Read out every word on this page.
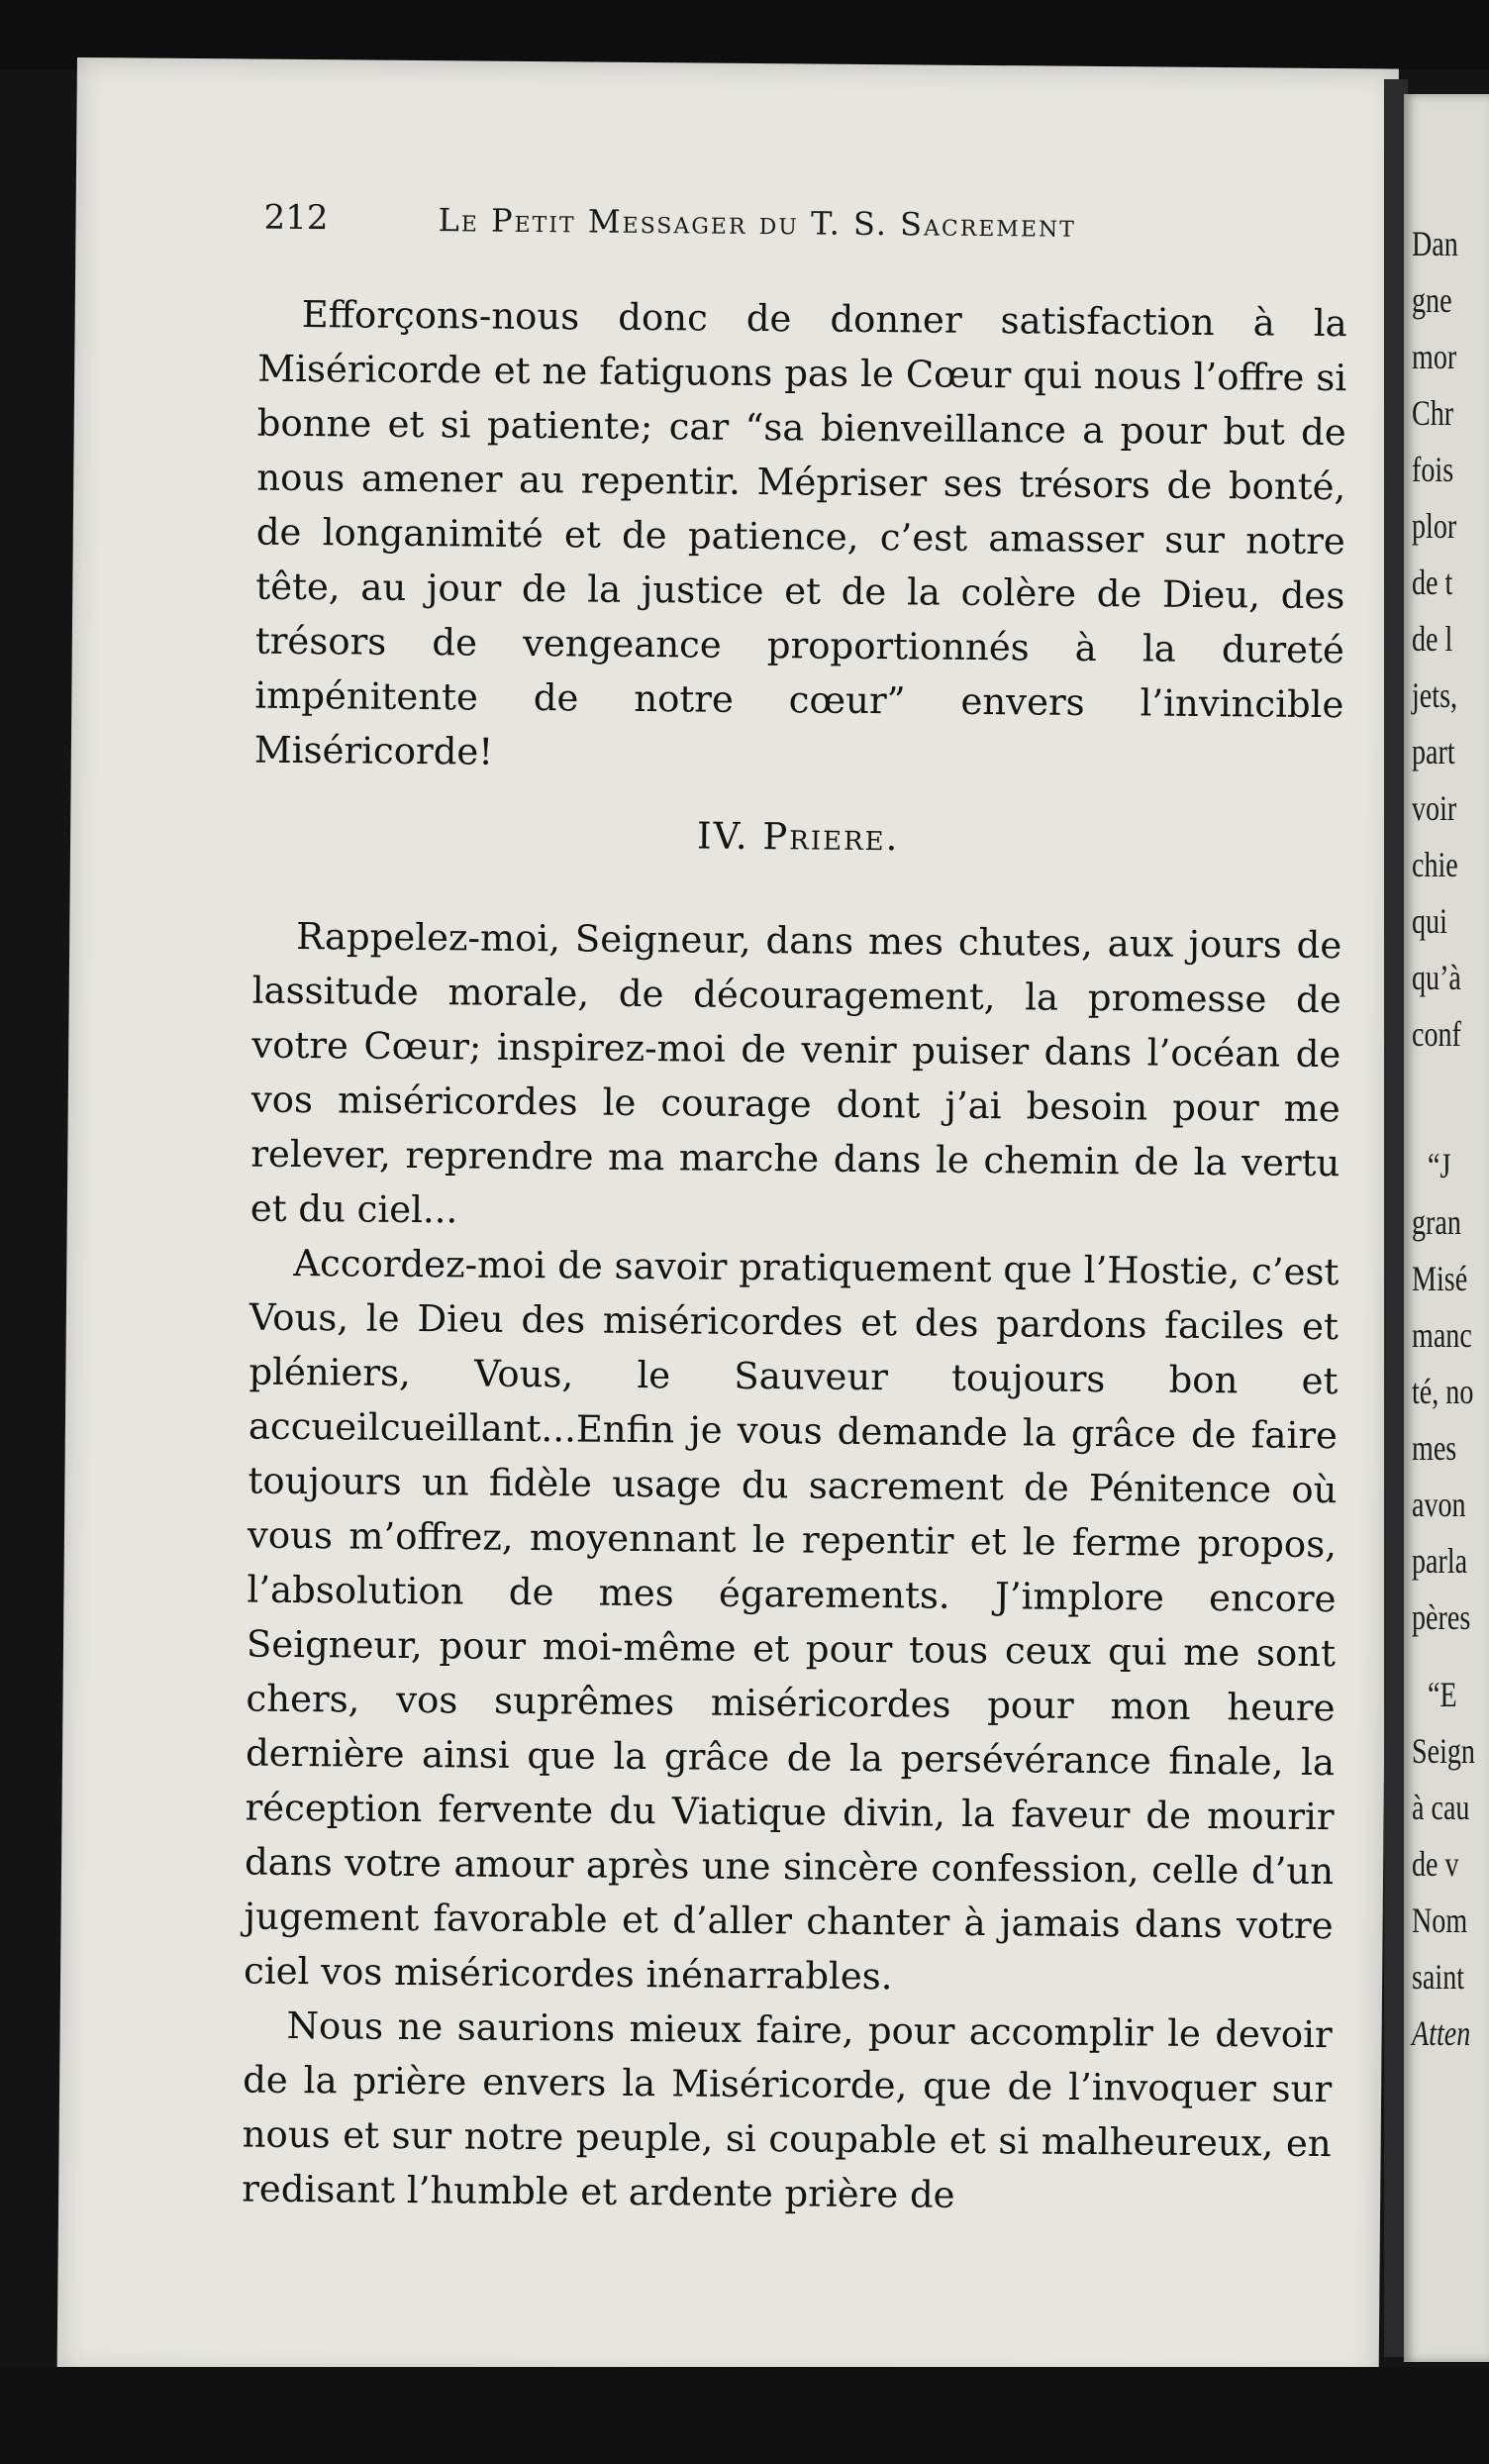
212	Le Petit Messager du T. S. Sacrement

Efforçons-nous donc de donner satisfaction à la Miséricorde et ne fatiguons pas le Cœur qui nous l’offre si bonne et si patiente; car “sa bienveillance a pour but de nous amener au repentir. Mépriser ses trésors de bonté, de longanimité et de patience, c’est amasser sur notre tête, au jour de la justice et de la colère de Dieu, des trésors de vengeance proportionnés à la dureté impénitente de notre cœur” envers l’invincible Miséricorde!

IV. Priere.

Rappelez-moi, Seigneur, dans mes chutes, aux jours de lassitude morale, de découragement, la promesse de votre Cœur; inspirez-moi de venir puiser dans l’océan de vos miséricordes le courage dont j’ai besoin pour me relever, reprendre ma marche dans le chemin de la vertu et du ciel...

Accordez-moi de savoir pratiquement que l’Hostie, c’est Vous, le Dieu des miséricordes et des pardons faciles et pléniers, Vous, le Sauveur toujours bon et accueilcueillant...Enfin je vous demande la grâce de faire toujours un fidèle usage du sacrement de Pénitence où vous m’offrez, moyennant le repentir et le ferme propos, l’absolution de mes égarements. J’implore encore Seigneur, pour moi-même et pour tous ceux qui me sont chers, vos suprêmes miséricordes pour mon heure dernière ainsi que la grâce de la persévérance finale, la réception fervente du Viatique divin, la faveur de mourir dans votre amour après une sincère confession, celle d’un jugement favorable et d’aller chanter à jamais dans votre ciel vos miséricordes inénarrables.

Nous ne saurions mieux faire, pour accomplir le devoir de la prière envers la Miséricorde, que de l’invoquer sur nous et sur notre peuple, si coupable et si malheureux, en redisant l’humble et ardente prière de

Dan
gne
mor
Chr
fois
plor
de t
de l
jets,
part
voir
chie
qui
qu’à
conf
“J
gran
Misé
manc
té, no
mes
avon
parla
pères
“E
Seign
à cau
de v
Nom
saint
Atten
